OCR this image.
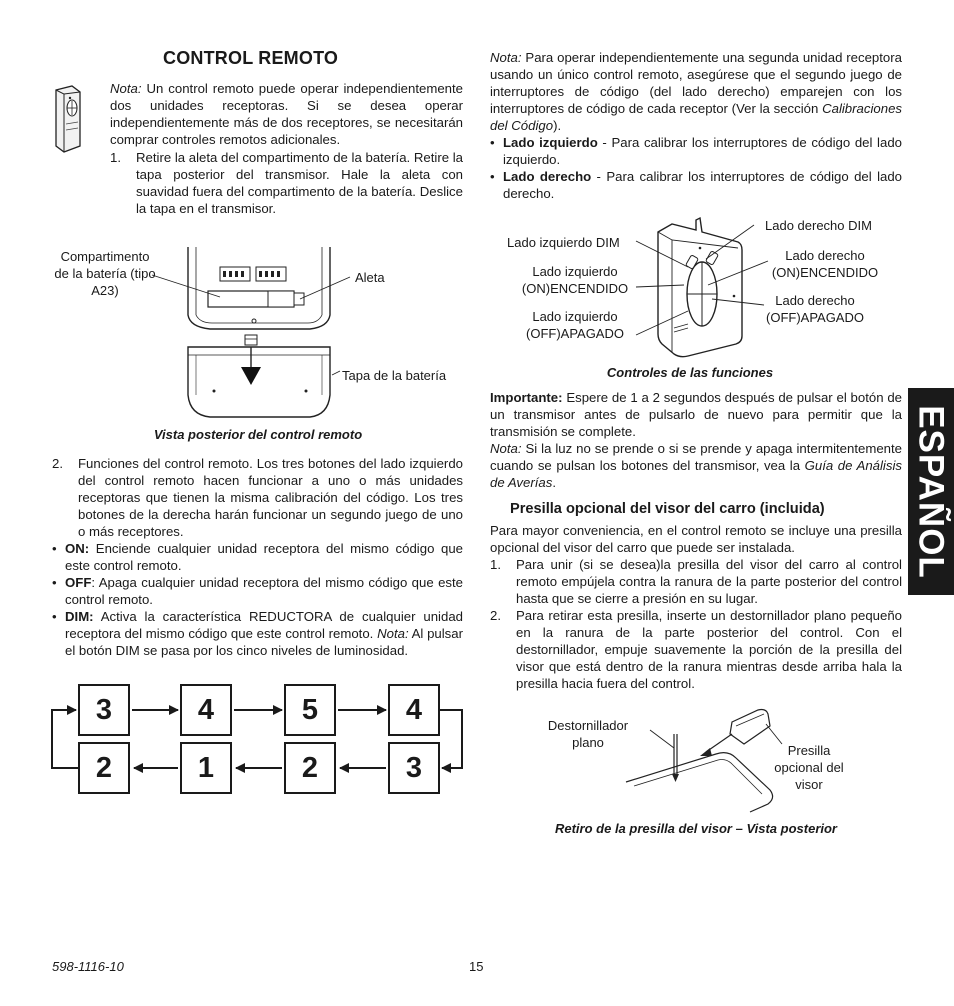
ESPAÑOL
CONTROL REMOTO

Nota: Un control remoto puede operar independientemente dos unidades receptoras. Si se desea operar independientemente más de dos receptores, se necesitarán comprar controles remotos adicionales.

1. Retire la aleta del compartimento de la batería. Retire la tapa posterior del transmisor. Hale la aleta con suavidad fuera del compartimento de la batería. Deslice la tapa en el transmisor.
Compartimento de la batería (tipo A23)
Aleta
Tapa de la batería
Vista posterior del control remoto
2. Funciones del control remoto. Los tres botones del lado izquierdo del control remoto hacen funcionar a uno o más unidades receptoras que tienen la misma calibración del código. Los tres botones de la derecha harán funcionar un segundo juego de uno o más receptores.
• ON: Enciende cualquier unidad receptora del mismo código que este control remoto.
• OFF: Apaga cualquier unidad receptora del mismo código que este control remoto.
• DIM: Activa la característica REDUCTORA de cualquier unidad receptora del mismo código que este control remoto. Nota: Al pulsar el botón DIM se pasa por los cinco niveles de luminosidad.
3	4	5	4
2	1	2	3
598-1116-10	15

Nota: Para operar independientemente una segunda unidad receptora usando un único control remoto, asegúrese que el segundo juego de interruptores de código (del lado derecho) emparejen con los interruptores de código de cada receptor (Ver la sección Calibraciones del Código).

• Lado izquierdo - Para calibrar los interruptores de código del lado izquierdo.
• Lado derecho - Para calibrar los interruptores de código del lado derecho.
Lado izquierdo DIM
Lado izquierdo (ON)ENCENDIDO
Lado izquierdo (OFF)APAGADO
Lado derecho DIM
Lado derecho (ON)ENCENDIDO
Lado derecho (OFF)APAGADO
Controles de las funciones

Importante: Espere de 1 a 2 segundos después de pulsar el botón de un transmisor antes de pulsarlo de nuevo para permitir que la transmisión se complete.

Nota: Si la luz no se prende o si se prende y apaga intermitentemente cuando se pulsan los botones del transmisor, vea la Guía de Análisis de Averías.

Presilla opcional del visor del carro (incluida)

Para mayor conveniencia, en el control remoto se incluye una presilla opcional del visor del carro que puede ser instalada.

1. Para unir (si se desea)la presilla del visor del carro al control remoto empújela contra la ranura de la parte posterior del control hasta que se cierre a presión en su lugar.
2. Para retirar esta presilla, inserte un destornillador plano pequeño en la ranura de la parte posterior del control. Con el destornillador, empuje suavemente la porción de la presilla del visor que está dentro de la ranura mientras desde arriba hala la presilla hacia fuera del control.
Destornillador plano
Presilla opcional del visor
Retiro de la presilla del visor – Vista posterior
